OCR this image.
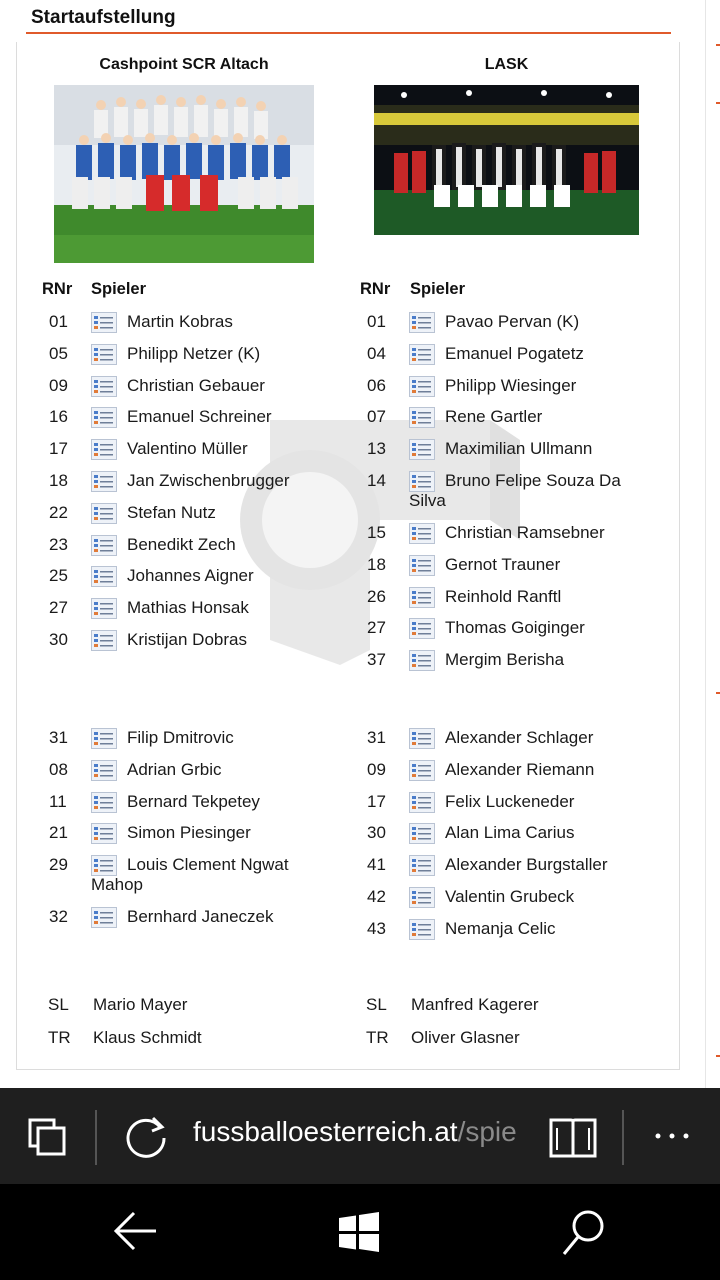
Startaufstellung
Cashpoint SCR Altach	LASK
RNr Spieler	RNr Spieler
01	Martin Kobras
05	Philipp Netzer (K)
09	Christian Gebauer
16	Emanuel Schreiner
17	Valentino Müller
18	Jan Zwischenbrugger
22	Stefan Nutz
23	Benedikt Zech
25	Johannes Aigner
27	Mathias Honsak
30	Kristijan Dobras
01	Pavao Pervan (K)
04	Emanuel Pogatetz
06	Philipp Wiesinger
07	Rene Gartler
13	Maximilian Ullmann
14	Bruno Felipe Souza Da
Silva
15	Christian Ramsebner
18	Gernot Trauner
26	Reinhold Ranftl
27	Thomas Goiginger
37	Mergim Berisha
31	Filip Dmitrovic
08	Adrian Grbic
11	Bernard Tekpetey
21	Simon Piesinger
29	Louis Clement Ngwat
Mahop
32	Bernhard Janeczek
31	Alexander Schlager
09	Alexander Riemann
17	Felix Luckeneder
30	Alan Lima Carius
41	Alexander Burgstaller
42	Valentin Grubeck
43	Nemanja Celic
SL Mario Mayer
TR Klaus Schmidt
SL Manfred Kagerer
TR Oliver Glasner
fussballoesterreich.at/spie
